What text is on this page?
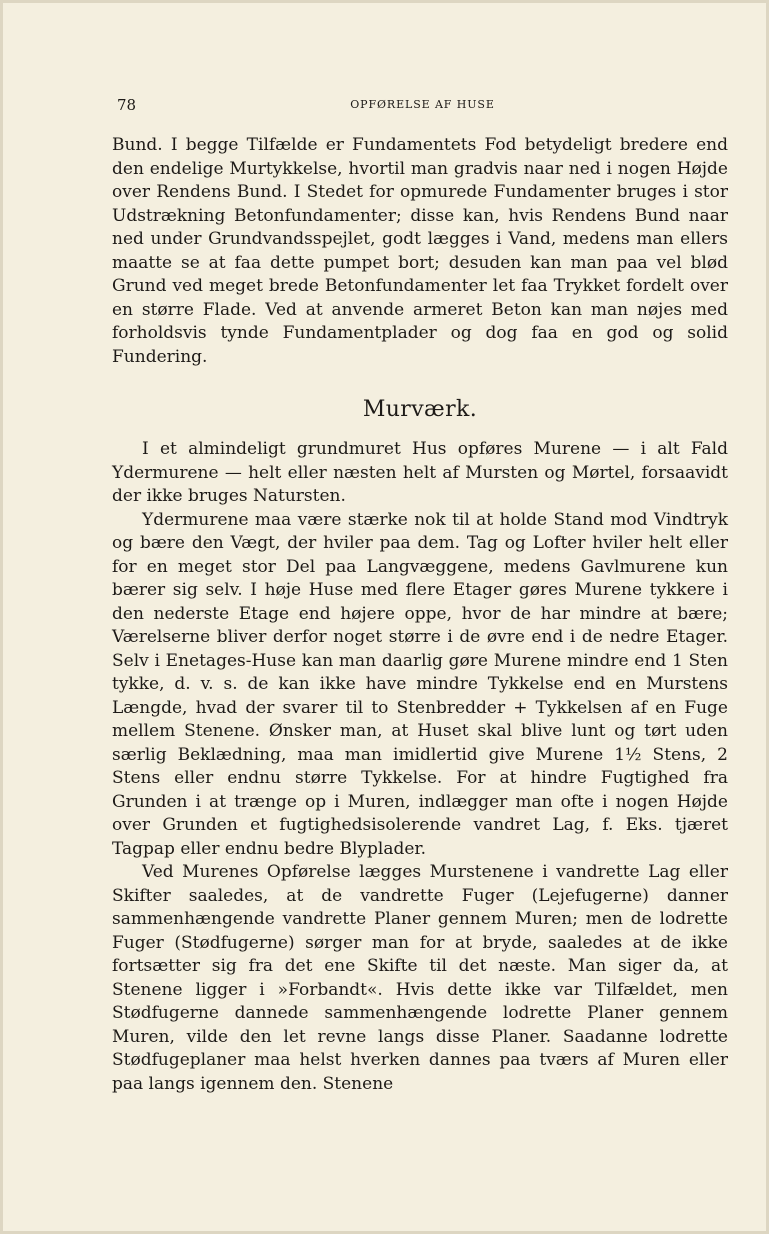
78	OPFØRELSE AF HUSE

Bund. I begge Tilfælde er Fundamentets Fod betydeligt bredere end den endelige Murtykkelse, hvortil man gradvis naar ned i nogen Højde over Rendens Bund. I Stedet for opmurede Fundamenter bruges i stor Udstrækning Betonfundamenter; disse kan, hvis Rendens Bund naar ned under Grundvandsspejlet, godt lægges i Vand, medens man ellers maatte se at faa dette pumpet bort; desuden kan man paa vel blød Grund ved meget brede Betonfundamenter let faa Trykket fordelt over en større Flade. Ved at anvende armeret Beton kan man nøjes med forholdsvis tynde Fundamentplader og dog faa en god og solid Fundering.

Murværk.

I et almindeligt grundmuret Hus opføres Murene — i alt Fald Ydermurene — helt eller næsten helt af Mursten og Mørtel, forsaavidt der ikke bruges Natursten.

Ydermurene maa være stærke nok til at holde Stand mod Vindtryk og bære den Vægt, der hviler paa dem. Tag og Lofter hviler helt eller for en meget stor Del paa Langvæggene, medens Gavlmurene kun bærer sig selv. I høje Huse med flere Etager gøres Murene tykkere i den nederste Etage end højere oppe, hvor de har mindre at bære; Værelserne bliver derfor noget større i de øvre end i de nedre Etager. Selv i Enetages-Huse kan man daarlig gøre Murene mindre end 1 Sten tykke, d. v. s. de kan ikke have mindre Tykkelse end en Murstens Længde, hvad der svarer til to Stenbredder + Tykkelsen af en Fuge mellem Stenene. Ønsker man, at Huset skal blive lunt og tørt uden særlig Beklædning, maa man imidlertid give Murene 1½ Stens, 2 Stens eller endnu større Tykkelse. For at hindre Fugtighed fra Grunden i at trænge op i Muren, indlægger man ofte i nogen Højde over Grunden et fugtighedsisolerende vandret Lag, f. Eks. tjæret Tagpap eller endnu bedre Blyplader.

Ved Murenes Opførelse lægges Murstenene i vandrette Lag eller Skifter saaledes, at de vandrette Fuger (Lejefugerne) danner sammenhængende vandrette Planer gennem Muren; men de lodrette Fuger (Stødfugerne) sørger man for at bryde, saaledes at de ikke fortsætter sig fra det ene Skifte til det næste. Man siger da, at Stenene ligger i »Forbandt«. Hvis dette ikke var Tilfældet, men Stødfugerne dannede sammenhængende lodrette Planer gennem Muren, vilde den let revne langs disse Planer. Saadanne lodrette Stødfugeplaner maa helst hverken dannes paa tværs af Muren eller paa langs igennem den. Stenene
